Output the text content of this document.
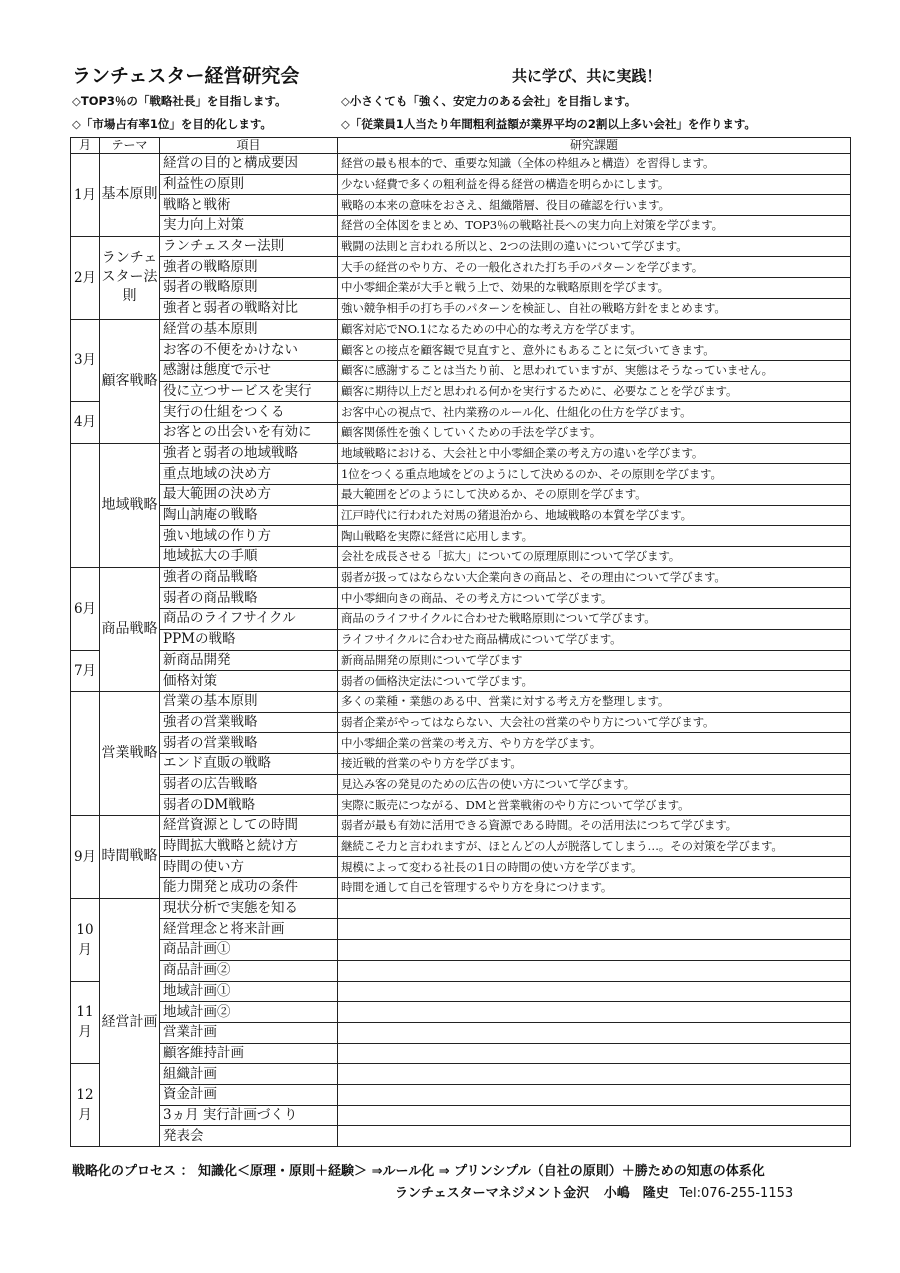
ランチェスター経営研究会	共に学び、共に実践！
◇TOP3％の「戦略社長」を目指します。	◇小さくても「強く、安定力のある会社」を目指します。
◇「市場占有率1位」を目的化します。	◇「従業員1人当たり年間粗利益額が業界平均の2割以上多い会社」を作ります。
月	テーマ	項目	研究課題
1月	基本原則	経営の目的と構成要因	経営の最も根本的で、重要な知識（全体の枠組みと構造）を習得します。
		利益性の原則	少ない経費で多くの粗利益を得る経営の構造を明らかにします。
		戦略と戦術	戦略の本来の意味をおさえ、組織階層、役目の確認を行います。
		実力向上対策	経営の全体図をまとめ、TOP3％の戦略社長への実力向上対策を学びます。
2月	ランチェスター法則	ランチェスター法則	戦闘の法則と言われる所以と、2つの法則の違いについて学びます。
		強者の戦略原則	大手の経営のやり方、その一般化された打ち手のパターンを学びます。
		弱者の戦略原則	中小零細企業が大手と戦う上で、効果的な戦略原則を学びます。
		強者と弱者の戦略対比	強い競争相手の打ち手のパターンを検証し、自社の戦略方針をまとめます。
3月	顧客戦略	経営の基本原則	顧客対応でNO.1になるための中心的な考え方を学びます。
		お客の不便をかけない	顧客との接点を顧客観で見直すと、意外にもあることに気づいてきます。
		感謝は態度で示せ	顧客に感謝することは当たり前、と思われていますが、実態はそうなっていません。
		役に立つサービスを実行	顧客に期待以上だと思われる何かを実行するために、必要なことを学びます。
4月		実行の仕組をつくる	お客中心の視点で、社内業務のルール化、仕組化の仕方を学びます。
		お客との出会いを有効に	顧客関係性を強くしていくための手法を学びます。
	地域戦略	強者と弱者の地域戦略	地域戦略における、大会社と中小零細企業の考え方の違いを学びます。
		重点地域の決め方	1位をつくる重点地域をどのようにして決めるのか、その原則を学びます。
		最大範囲の決め方	最大範囲をどのようにして決めるか、その原則を学びます。
		陶山訥庵の戦略	江戸時代に行われた対馬の猪退治から、地域戦略の本質を学びます。
		強い地域の作り方	陶山戦略を実際に経営に応用します。
		地域拡大の手順	会社を成長させる「拡大」についての原理原則について学びます。
6月	商品戦略	強者の商品戦略	弱者が扱ってはならない大企業向きの商品と、その理由について学びます。
		弱者の商品戦略	中小零細向きの商品、その考え方について学びます。
		商品のライフサイクル	商品のライフサイクルに合わせた戦略原則について学びます。
		PPMの戦略	ライフサイクルに合わせた商品構成について学びます。
7月		新商品開発	新商品開発の原則について学びます
		価格対策	弱者の価格決定法について学びます。
	営業戦略	営業の基本原則	多くの業種・業態のある中、営業に対する考え方を整理します。
		強者の営業戦略	弱者企業がやってはならない、大会社の営業のやり方について学びます。
		弱者の営業戦略	中小零細企業の営業の考え方、やり方を学びます。
		エンド直販の戦略	接近戦的営業のやり方を学びます。
		弱者の広告戦略	見込み客の発見のための広告の使い方について学びます。
		弱者のDM戦略	実際に販売につながる、DMと営業戦術のやり方について学びます。
9月	時間戦略	経営資源としての時間	弱者が最も有効に活用できる資源である時間。その活用法につちて学びます。
		時間拡大戦略と続け方	継続こそ力と言われますが、ほとんどの人が脱落してしまう…。その対策を学びます。
		時間の使い方	規模によって変わる社長の1日の時間の使い方を学びます。
		能力開発と成功の条件	時間を通して自己を管理するやり方を身につけます。
10月	経営計画	現状分析で実態を知る	
		経営理念と将来計画	
		商品計画①	
		商品計画②	
11月		地域計画①	
		地域計画②	
		営業計画	
		顧客維持計画	
12月		組織計画	
		資金計画	
		3ヵ月 実行計画づくり	
		発表会	
戦略化のプロセス ： 知識化＜原理・原則＋経験＞ ⇒ルール化 ⇒ プリンシプル（自社の原則）＋勝ための知恵の体系化
ランチェスターマネジメント金沢 小嶋　隆史 Tel:076-255-1153
